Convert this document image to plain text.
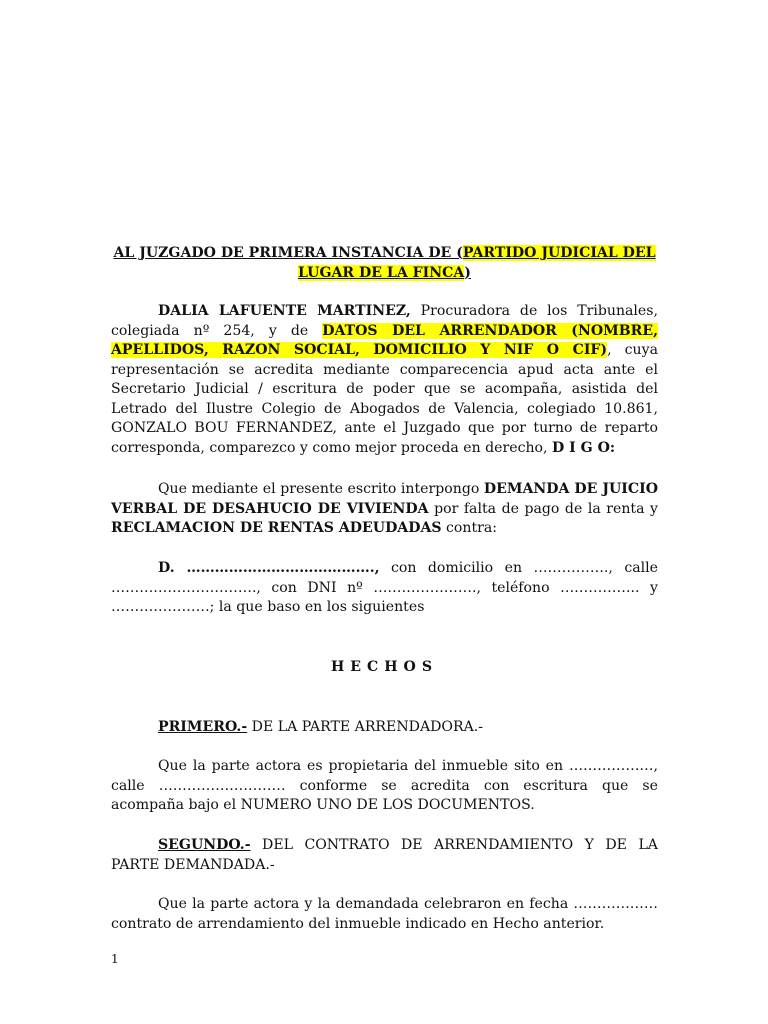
AL JUZGADO DE PRIMERA INSTANCIA DE (PARTIDO JUDICIAL DEL LUGAR DE LA FINCA)

DALIA LAFUENTE MARTINEZ, Procuradora de los Tribunales, colegiada nº 254, y de DATOS DEL ARRENDADOR (NOMBRE, APELLIDOS, RAZON SOCIAL, DOMICILIO Y NIF O CIF), cuya representación se acredita mediante comparecencia apud acta ante el Secretario Judicial / escritura de poder que se acompaña, asistida del Letrado del Ilustre Colegio de Abogados de Valencia, colegiado 10.861, GONZALO BOU FERNANDEZ, ante el Juzgado que por turno de reparto corresponda, comparezco y como mejor proceda en derecho, D I G O:

Que mediante el presente escrito interpongo DEMANDA DE JUICIO VERBAL DE DESAHUCIO DE VIVIENDA por falta de pago de la renta y RECLAMACION DE RENTAS ADEUDADAS contra:

D. …………………………………., con domicilio en ……………., calle …………………………., con DNI nº …………………., teléfono …………….. y …………………; la que baso en los siguientes

HECHOS

PRIMERO.- DE LA PARTE ARRENDADORA.-

Que la parte actora es propietaria del inmueble sito en ………………, calle ……………………… conforme se acredita con escritura que se acompaña bajo el NUMERO UNO DE LOS DOCUMENTOS.

SEGUNDO.- DEL CONTRATO DE ARRENDAMIENTO Y DE LA PARTE DEMANDADA.-

Que la parte actora y la demandada celebraron en fecha ……………… contrato de arrendamiento del inmueble indicado en Hecho anterior.

1
